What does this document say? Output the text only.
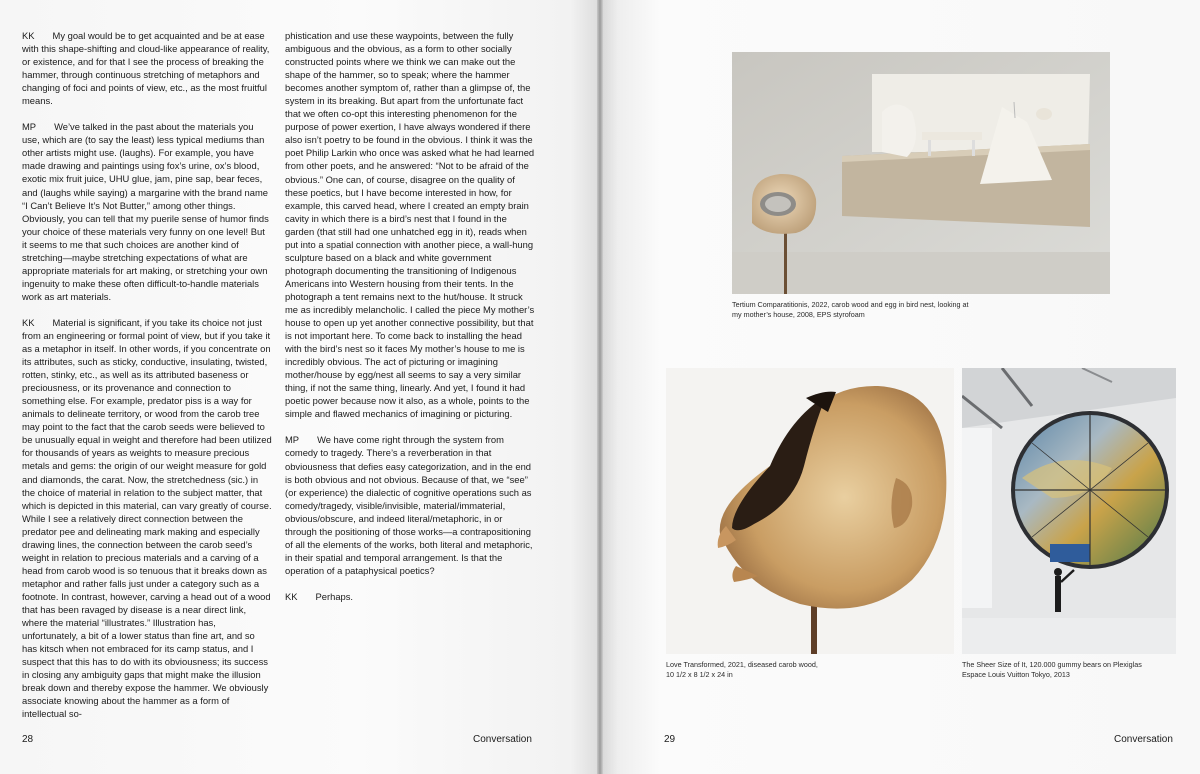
KK My goal would be to get acquainted and be at ease with this shape-shifting and cloud-like appearance of reality, or existence, and for that I see the process of breaking the hammer, through continuous stretching of metaphors and changing of foci and points of view, etc., as the most fruitful means.

MP We’ve talked in the past about the materials you use, which are (to say the least) less typical mediums than other artists might use. (laughs). For example, you have made drawing and paintings using fox’s urine, ox’s blood, exotic mix fruit juice, UHU glue, jam, pine sap, bear feces, and (laughs while saying) a margarine with the brand name “I Can’t Believe It’s Not Butter,” among other things. Obviously, you can tell that my puerile sense of humor finds your choice of these materials very funny on one level! But it seems to me that such choices are another kind of stretching—maybe stretching expectations of what are appropriate materials for art making, or stretching your own ingenuity to make these often difficult-to-handle materials work as art materials.

KK Material is significant, if you take its choice not just from an engineering or formal point of view, but if you take it as a metaphor in itself. In other words, if you concentrate on its attributes, such as sticky, conductive, insulating, twisted, rotten, stinky, etc., as well as its attributed baseness or preciousness, or its provenance and connection to something else. For example, predator piss is a way for animals to delineate territory, or wood from the carob tree may point to the fact that the carob seeds were believed to be unusually equal in weight and therefore had been utilized for thousands of years as weights to measure precious metals and gems: the origin of our weight measure for gold and diamonds, the carat. Now, the stretchedness (sic.) in the choice of material in relation to the subject matter, that which is depicted in this material, can vary greatly of course. While I see a relatively direct connection between the predator pee and delineating mark making and especially drawing lines, the connection between the carob seed’s weight in relation to precious materials and a carving of a head from carob wood is so tenuous that it breaks down as metaphor and rather falls just under a category such as a footnote. In contrast, however, carving a head out of a wood that has been ravaged by disease is a near direct link, where the material “illustrates.” Illustration has, unfortunately, a bit of a lower status than fine art, and so has kitsch when not embraced for its camp status, and I suspect that this has to do with its obviousness; its success in closing any ambiguity gaps that might make the illusion break down and thereby expose the hammer. We obviously associate knowing about the hammer as a form of intellectual so-

phistication and use these waypoints, between the fully ambiguous and the obvious, as a form to other socially constructed points where we think we can make out the shape of the hammer, so to speak; where the hammer becomes another symptom of, rather than a glimpse of, the system in its breaking. But apart from the unfortunate fact that we often co-opt this interesting phenomenon for the purpose of power exertion, I have always wondered if there also isn’t poetry to be found in the obvious. I think it was the poet Philip Larkin who once was asked what he had learned from other poets, and he answered: “Not to be afraid of the obvious.” One can, of course, disagree on the quality of these poetics, but I have become interested in how, for example, this carved head, where I created an empty brain cavity in which there is a bird’s nest that I found in the garden (that still had one unhatched egg in it), reads when put into a spatial connection with another piece, a wall-hung sculpture based on a black and white government photograph documenting the transitioning of Indigenous Americans into Western housing from their tents. In the photograph a tent remains next to the hut/house. It struck me as incredibly melancholic. I called the piece My mother’s house to open up yet another connective possibility, but that is not important here. To come back to installing the head with the bird’s nest so it faces My mother’s house to me is incredibly obvious. The act of picturing or imagining mother/house by egg/nest all seems to say a very similar thing, if not the same thing, linearly. And yet, I found it had poetic power because now it also, as a whole, points to the simple and flawed mechanics of imagining or picturing.

MP We have come right through the system from comedy to tragedy. There’s a reverberation in that obviousness that defies easy categorization, and in the end is both obvious and not obvious. Because of that, we “see” (or experience) the dialectic of cognitive operations such as comedy/tragedy, visible/invisible, material/immaterial, obvious/obscure, and indeed literal/metaphoric, in or through the positioning of those works—a contrapositioning of all the elements of the works, both literal and metaphoric, in their spatial and temporal arrangement. Is that the operation of a pataphysical poetics?

KK Perhaps.

28	Conversation
Tertium Comparatitionis, 2022, carob wood and egg in bird nest, looking at
my mother’s house, 2008, EPS styrofoam
Love Transformed, 2021, diseased carob wood,
10 1/2 x 8 1/2 x 24 in
The Sheer Size of It, 120.000 gummy bears on Plexiglas
Espace Louis Vuitton Tokyo, 2013
29	Conversation
